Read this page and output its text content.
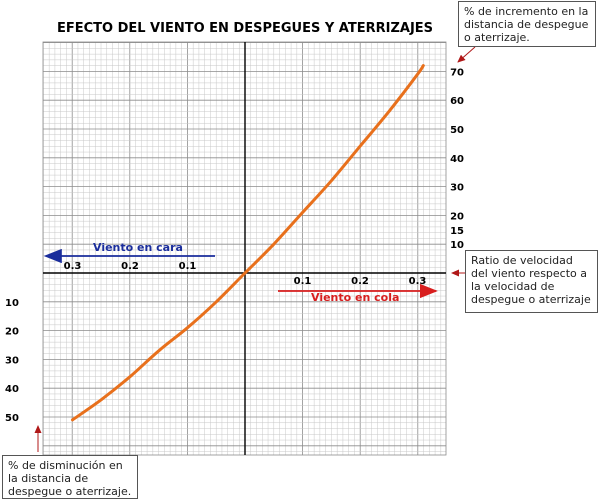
EFECTO DEL VIENTO EN DESPEGUES Y ATERRIZAJES
0.3	0.2	0.1
0.1	0.2	0.3
70
60
50
40
30
20
15
10
10
20
30
40
50
Viento en cara
Viento en cola
% de incremento en la distancia de despegue o aterrizaje.
Ratio de velocidad del viento respecto a la velocidad de despegue o aterrizaje
% de disminución en la distancia de despegue o aterrizaje.
